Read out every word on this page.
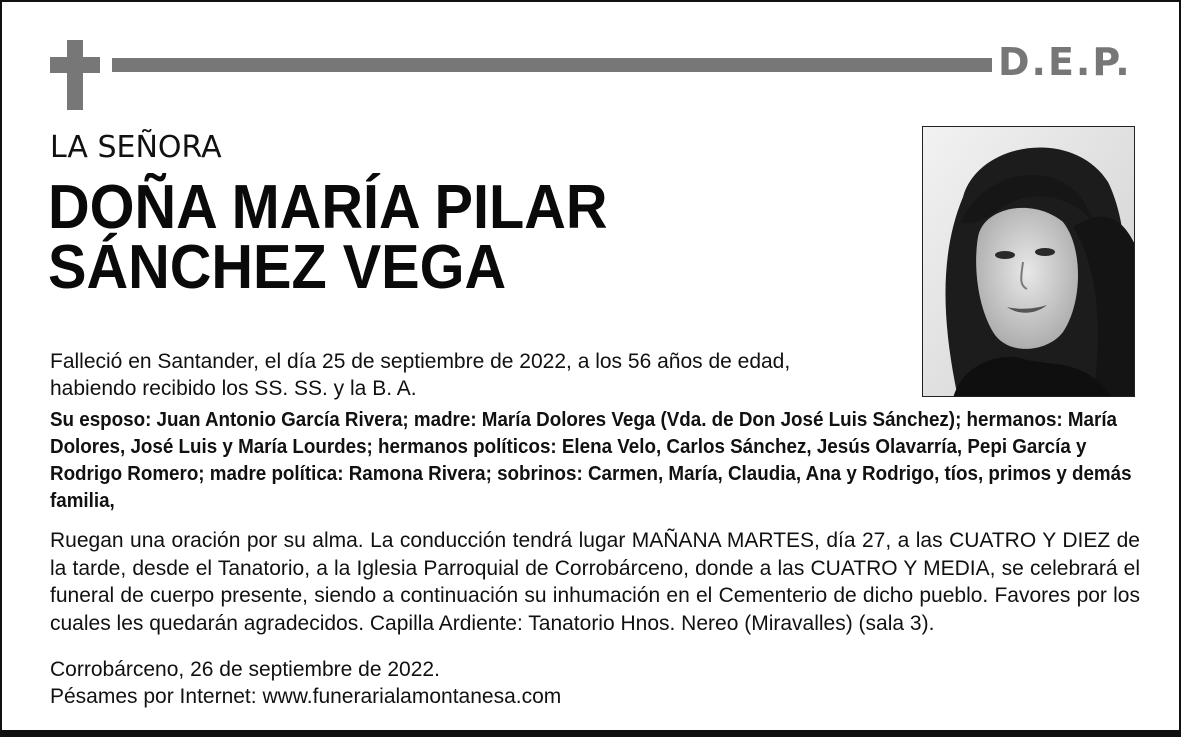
D.E.P.
LA SEÑORA
DOÑA MARÍA PILAR
SÁNCHEZ VEGA
Falleció en Santander, el día 25 de septiembre de 2022, a los 56 años de edad,
habiendo recibido los SS. SS. y la B. A.
Su esposo: Juan Antonio García Rivera; madre: María Dolores Vega (Vda. de Don José Luis Sánchez); hermanos: María Dolores, José Luis y María Lourdes; hermanos políticos: Elena Velo, Carlos Sánchez, Jesús Olavarría, Pepi García y Rodrigo Romero; madre política: Ramona Rivera; sobrinos: Carmen, María, Claudia, Ana y Rodrigo, tíos, primos y demás familia,
Ruegan una oración por su alma. La conducción tendrá lugar MAÑANA MARTES, día 27, a las CUATRO Y DIEZ de la tarde, desde el Tanatorio, a la Iglesia Parroquial de Corrobárceno, donde a las CUATRO Y MEDIA, se celebrará el funeral de cuerpo presente, siendo a continuación su inhumación en el Cementerio de dicho pueblo. Favores por los cuales les quedarán agradecidos. Capilla Ardiente: Tanatorio Hnos. Nereo (Miravalles) (sala 3).
Corrobárceno, 26 de septiembre de 2022.
Pésames por Internet: www.funerarialamontanesa.com
